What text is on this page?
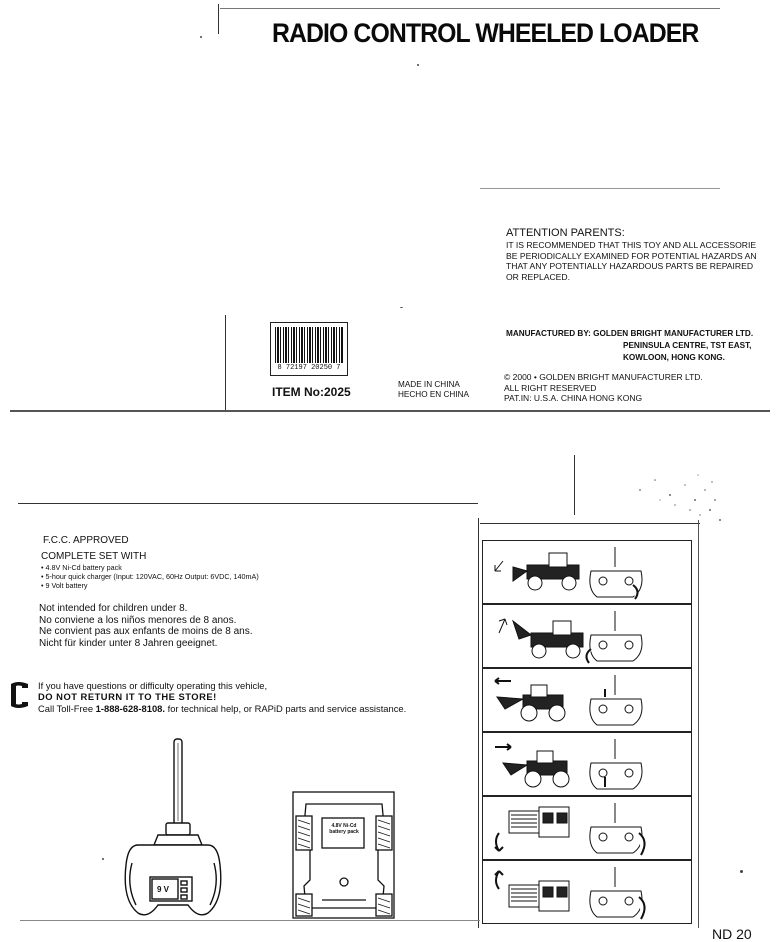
RADIO CONTROL WHEELED LOADER
ATTENTION PARENTS:
IT IS RECOMMENDED THAT THIS TOY AND ALL ACCESSORIE
BE PERIODICALLY EXAMINED FOR POTENTIAL HAZARDS AN
THAT ANY POTENTIALLY HAZARDOUS PARTS BE REPAIRED
OR REPLACED.
MANUFACTURED BY: GOLDEN BRIGHT MANUFACTURER LTD.
PENINSULA CENTRE, TST EAST,
KOWLOON, HONG KONG.
© 2000 • GOLDEN BRIGHT MANUFACTURER LTD.
ALL RIGHT RESERVED
PAT.IN: U.S.A. CHINA HONG KONG
8 72197 20250 7
ITEM No:2025
MADE IN CHINA
HECHO EN CHINA
F.C.C. APPROVED
COMPLETE SET WITH
• 4.8V Ni-Cd battery pack
• 5-hour quick charger (Input: 120VAC, 60Hz Output: 6VDC, 140mA)
• 9 Volt battery
Not intended for children under 8.
No conviene a los niños menores de 8 anos.
Ne convient pas aux enfants de moins de 8 ans.
Nicht für kinder unter 8 Jahren geeignet.
If you have questions or difficulty operating this vehicle,
DO NOT RETURN IT TO THE STORE!
Call Toll-Free 1-888-628-8108. for technical help, or RAPiD parts and service assistance.
9 V
4.8V Ni-Cd
battery pack
ND 20
